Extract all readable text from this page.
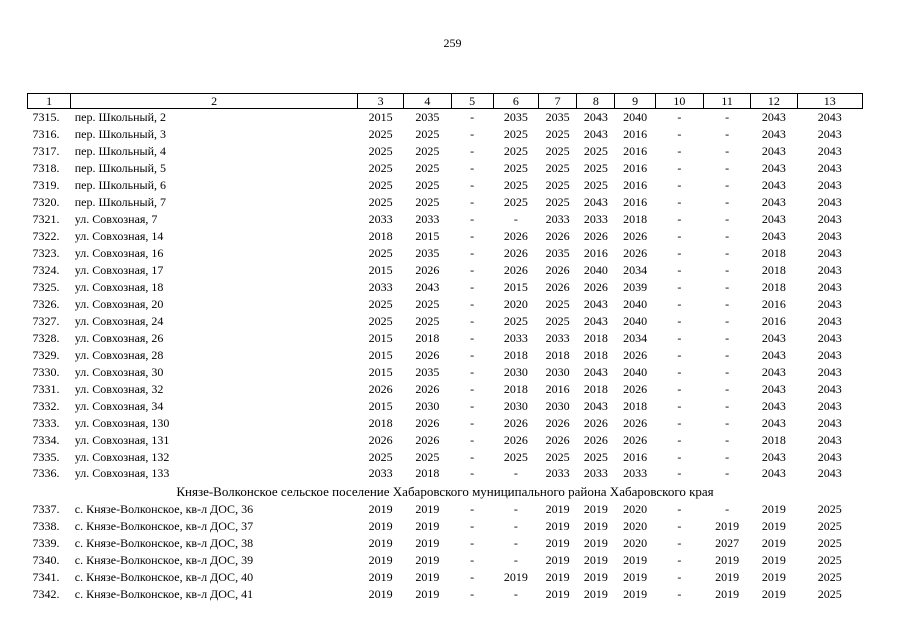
259
1	2	3	4	5	6	7	8	9	10	11	12	13
7315.	пер. Школьный, 2	2015	2035	-	2035	2035	2043	2040	-	-	2043	2043
7316.	пер. Школьный, 3	2025	2025	-	2025	2025	2043	2016	-	-	2043	2043
7317.	пер. Школьный, 4	2025	2025	-	2025	2025	2025	2016	-	-	2043	2043
7318.	пер. Школьный, 5	2025	2025	-	2025	2025	2025	2016	-	-	2043	2043
7319.	пер. Школьный, 6	2025	2025	-	2025	2025	2025	2016	-	-	2043	2043
7320.	пер. Школьный, 7	2025	2025	-	2025	2025	2043	2016	-	-	2043	2043
7321.	ул. Совхозная, 7	2033	2033	-	-	2033	2033	2018	-	-	2043	2043
7322.	ул. Совхозная, 14	2018	2015	-	2026	2026	2026	2026	-	-	2043	2043
7323.	ул. Совхозная, 16	2025	2035	-	2026	2035	2016	2026	-	-	2018	2043
7324.	ул. Совхозная, 17	2015	2026	-	2026	2026	2040	2034	-	-	2018	2043
7325.	ул. Совхозная, 18	2033	2043	-	2015	2026	2026	2039	-	-	2018	2043
7326.	ул. Совхозная, 20	2025	2025	-	2020	2025	2043	2040	-	-	2016	2043
7327.	ул. Совхозная, 24	2025	2025	-	2025	2025	2043	2040	-	-	2016	2043
7328.	ул. Совхозная, 26	2015	2018	-	2033	2033	2018	2034	-	-	2043	2043
7329.	ул. Совхозная, 28	2015	2026	-	2018	2018	2018	2026	-	-	2043	2043
7330.	ул. Совхозная, 30	2015	2035	-	2030	2030	2043	2040	-	-	2043	2043
7331.	ул. Совхозная, 32	2026	2026	-	2018	2016	2018	2026	-	-	2043	2043
7332.	ул. Совхозная, 34	2015	2030	-	2030	2030	2043	2018	-	-	2043	2043
7333.	ул. Совхозная, 130	2018	2026	-	2026	2026	2026	2026	-	-	2043	2043
7334.	ул. Совхозная, 131	2026	2026	-	2026	2026	2026	2026	-	-	2018	2043
7335.	ул. Совхозная, 132	2025	2025	-	2025	2025	2025	2016	-	-	2043	2043
7336.	ул. Совхозная, 133	2033	2018	-	-	2033	2033	2033	-	-	2043	2043
Князе-Волконское сельское поселение Хабаровского муниципального района Хабаровского края												
7337.	с. Князе-Волконское, кв-л ДОС, 36	2019	2019	-	-	2019	2019	2020	-	-	2019	2025
7338.	с. Князе-Волконское, кв-л ДОС, 37	2019	2019	-	-	2019	2019	2020	-	2019	2019	2025
7339.	с. Князе-Волконское, кв-л ДОС, 38	2019	2019	-	-	2019	2019	2020	-	2027	2019	2025
7340.	с. Князе-Волконское, кв-л ДОС, 39	2019	2019	-	-	2019	2019	2019	-	2019	2019	2025
7341.	с. Князе-Волконское, кв-л ДОС, 40	2019	2019	-	2019	2019	2019	2019	-	2019	2019	2025
7342.	с. Князе-Волконское, кв-л ДОС, 41	2019	2019	-	-	2019	2019	2019	-	2019	2019	2025
